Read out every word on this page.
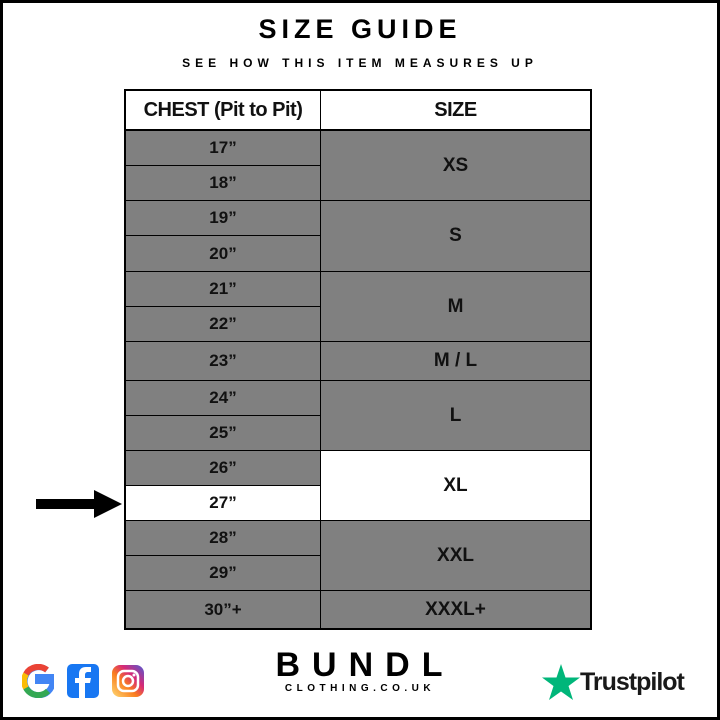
SIZE GUIDE
SEE HOW THIS ITEM MEASURES UP
CHEST (Pit to Pit)	SIZE
17”
18”
19”
20”
21”
22”
23”
24”
25”
26”
27”
28”
29”
30”+
XS
S
M
M / L
L
XL
XXL
XXXL+
BUNDL
CLOTHING.CO.UK	Trustpilot
